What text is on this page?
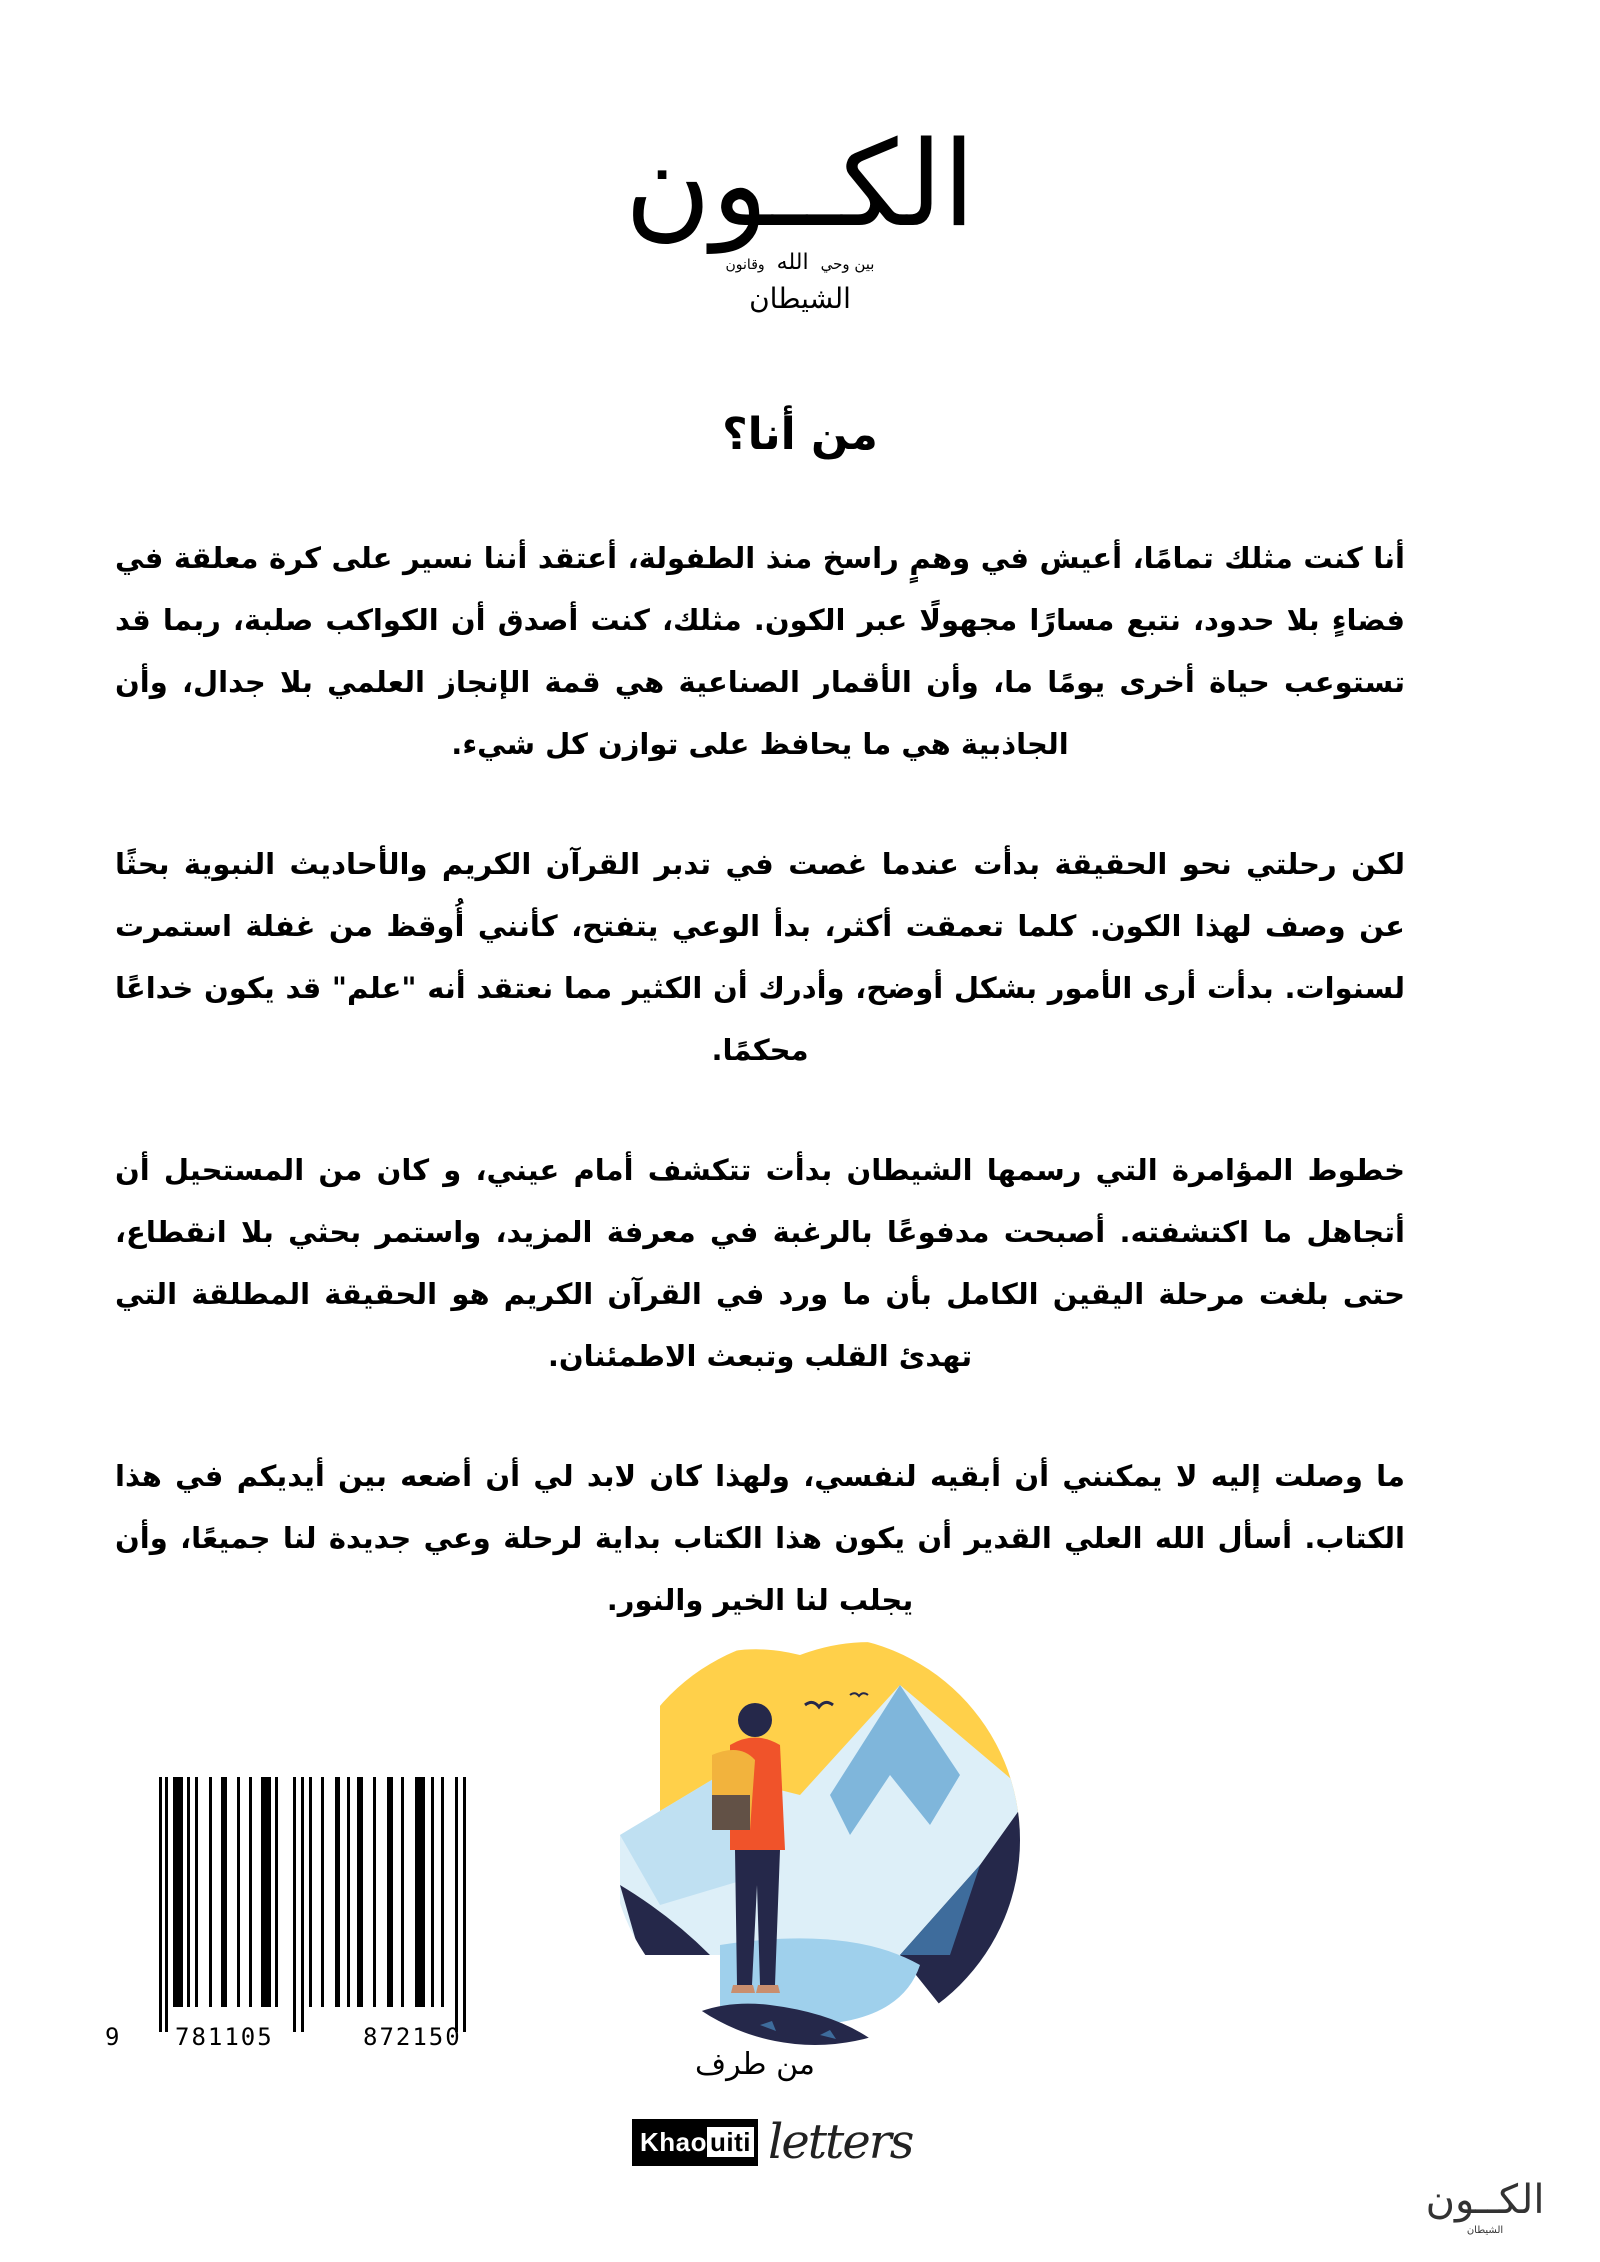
الكــون
بين وحي
الله
وقانون
الشيطان
من أنا؟

أنا كنت مثلك تمامًا، أعيش في وهمٍ راسخ منذ الطفولة، أعتقد أننا نسير على كرة معلقة في فضاءٍ بلا حدود، نتبع مسارًا مجهولًا عبر الكون. مثلك، كنت أصدق أن الكواكب صلبة، ربما قد تستوعب حياة أخرى يومًا ما، وأن الأقمار الصناعية هي قمة الإنجاز العلمي بلا جدال، وأن الجاذبية هي ما يحافظ على توازن كل شيء.

لكن رحلتي نحو الحقيقة بدأت عندما غصت في تدبر القرآن الكريم والأحاديث النبوية بحثًا عن وصف لهذا الكون. كلما تعمقت أكثر، بدأ الوعي يتفتح، كأنني أُوقظ من غفلة استمرت لسنوات. بدأت أرى الأمور بشكل أوضح، وأدرك أن الكثير مما نعتقد أنه "علم" قد يكون خداعًا محكمًا.

خطوط المؤامرة التي رسمها الشيطان بدأت تتكشف أمام عيني، و كان من المستحيل أن أتجاهل ما اكتشفته. أصبحت مدفوعًا بالرغبة في معرفة المزيد، واستمر بحثي بلا انقطاع، حتى بلغت مرحلة اليقين الكامل بأن ما ورد في القرآن الكريم هو الحقيقة المطلقة التي تهدئ القلب وتبعث الاطمئنان.

ما وصلت إليه لا يمكنني أن أبقيه لنفسي، ولهذا كان لابد لي أن أضعه بين أيديكم في هذا الكتاب. أسأل الله العلي القدير أن يكون هذا الكتاب بداية لرحلة وعي جديدة لنا جميعًا، وأن يجلب لنا الخير والنور.

9 781105	872150
من طرف
Khao uiti letters
الكــون
الشيطان
